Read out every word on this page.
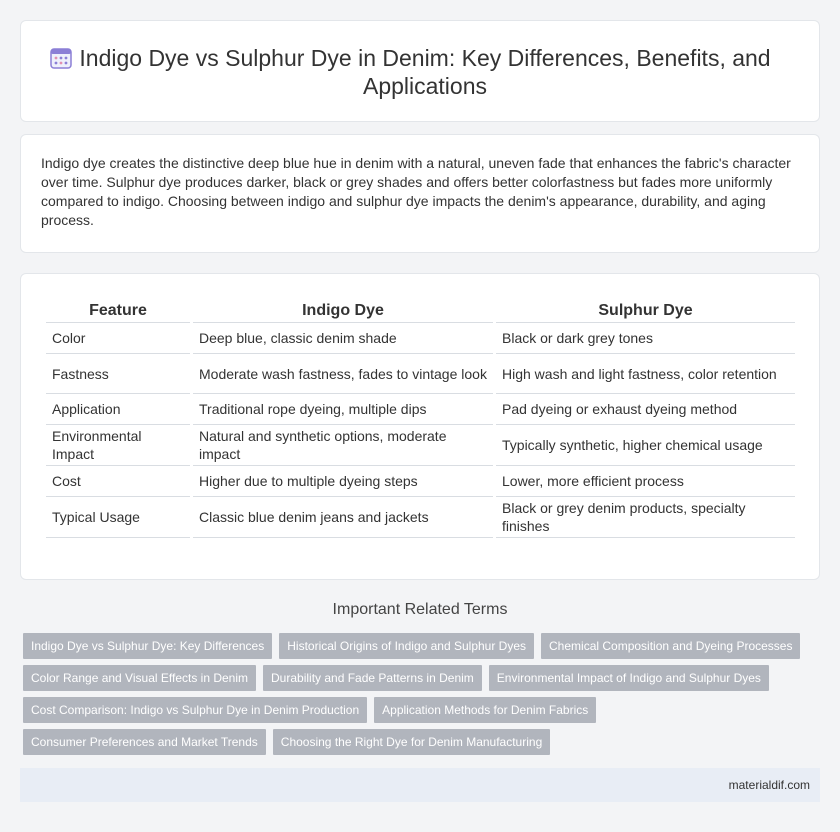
Indigo Dye vs Sulphur Dye in Denim: Key Differences, Benefits, and Applications

Indigo dye creates the distinctive deep blue hue in denim with a natural, uneven fade that enhances the fabric's character over time. Sulphur dye produces darker, black or grey shades and offers better colorfastness but fades more uniformly compared to indigo. Choosing between indigo and sulphur dye impacts the denim's appearance, durability, and aging process.

Feature	Indigo Dye	Sulphur Dye
Color	Deep blue, classic denim shade	Black or dark grey tones
Fastness	Moderate wash fastness, fades to vintage look	High wash and light fastness, color retention
Application	Traditional rope dyeing, multiple dips	Pad dyeing or exhaust dyeing method
Environmental Impact	Natural and synthetic options, moderate impact	Typically synthetic, higher chemical usage
Cost	Higher due to multiple dyeing steps	Lower, more efficient process
Typical Usage	Classic blue denim jeans and jackets	Black or grey denim products, specialty finishes
Important Related Terms
Indigo Dye vs Sulphur Dye: Key Differences	Historical Origins of Indigo and Sulphur Dyes	Chemical Composition and Dyeing Processes
Color Range and Visual Effects in Denim	Durability and Fade Patterns in Denim	Environmental Impact of Indigo and Sulphur Dyes
Cost Comparison: Indigo vs Sulphur Dye in Denim Production	Application Methods for Denim Fabrics
Consumer Preferences and Market Trends	Choosing the Right Dye for Denim Manufacturing
materialdif.com
